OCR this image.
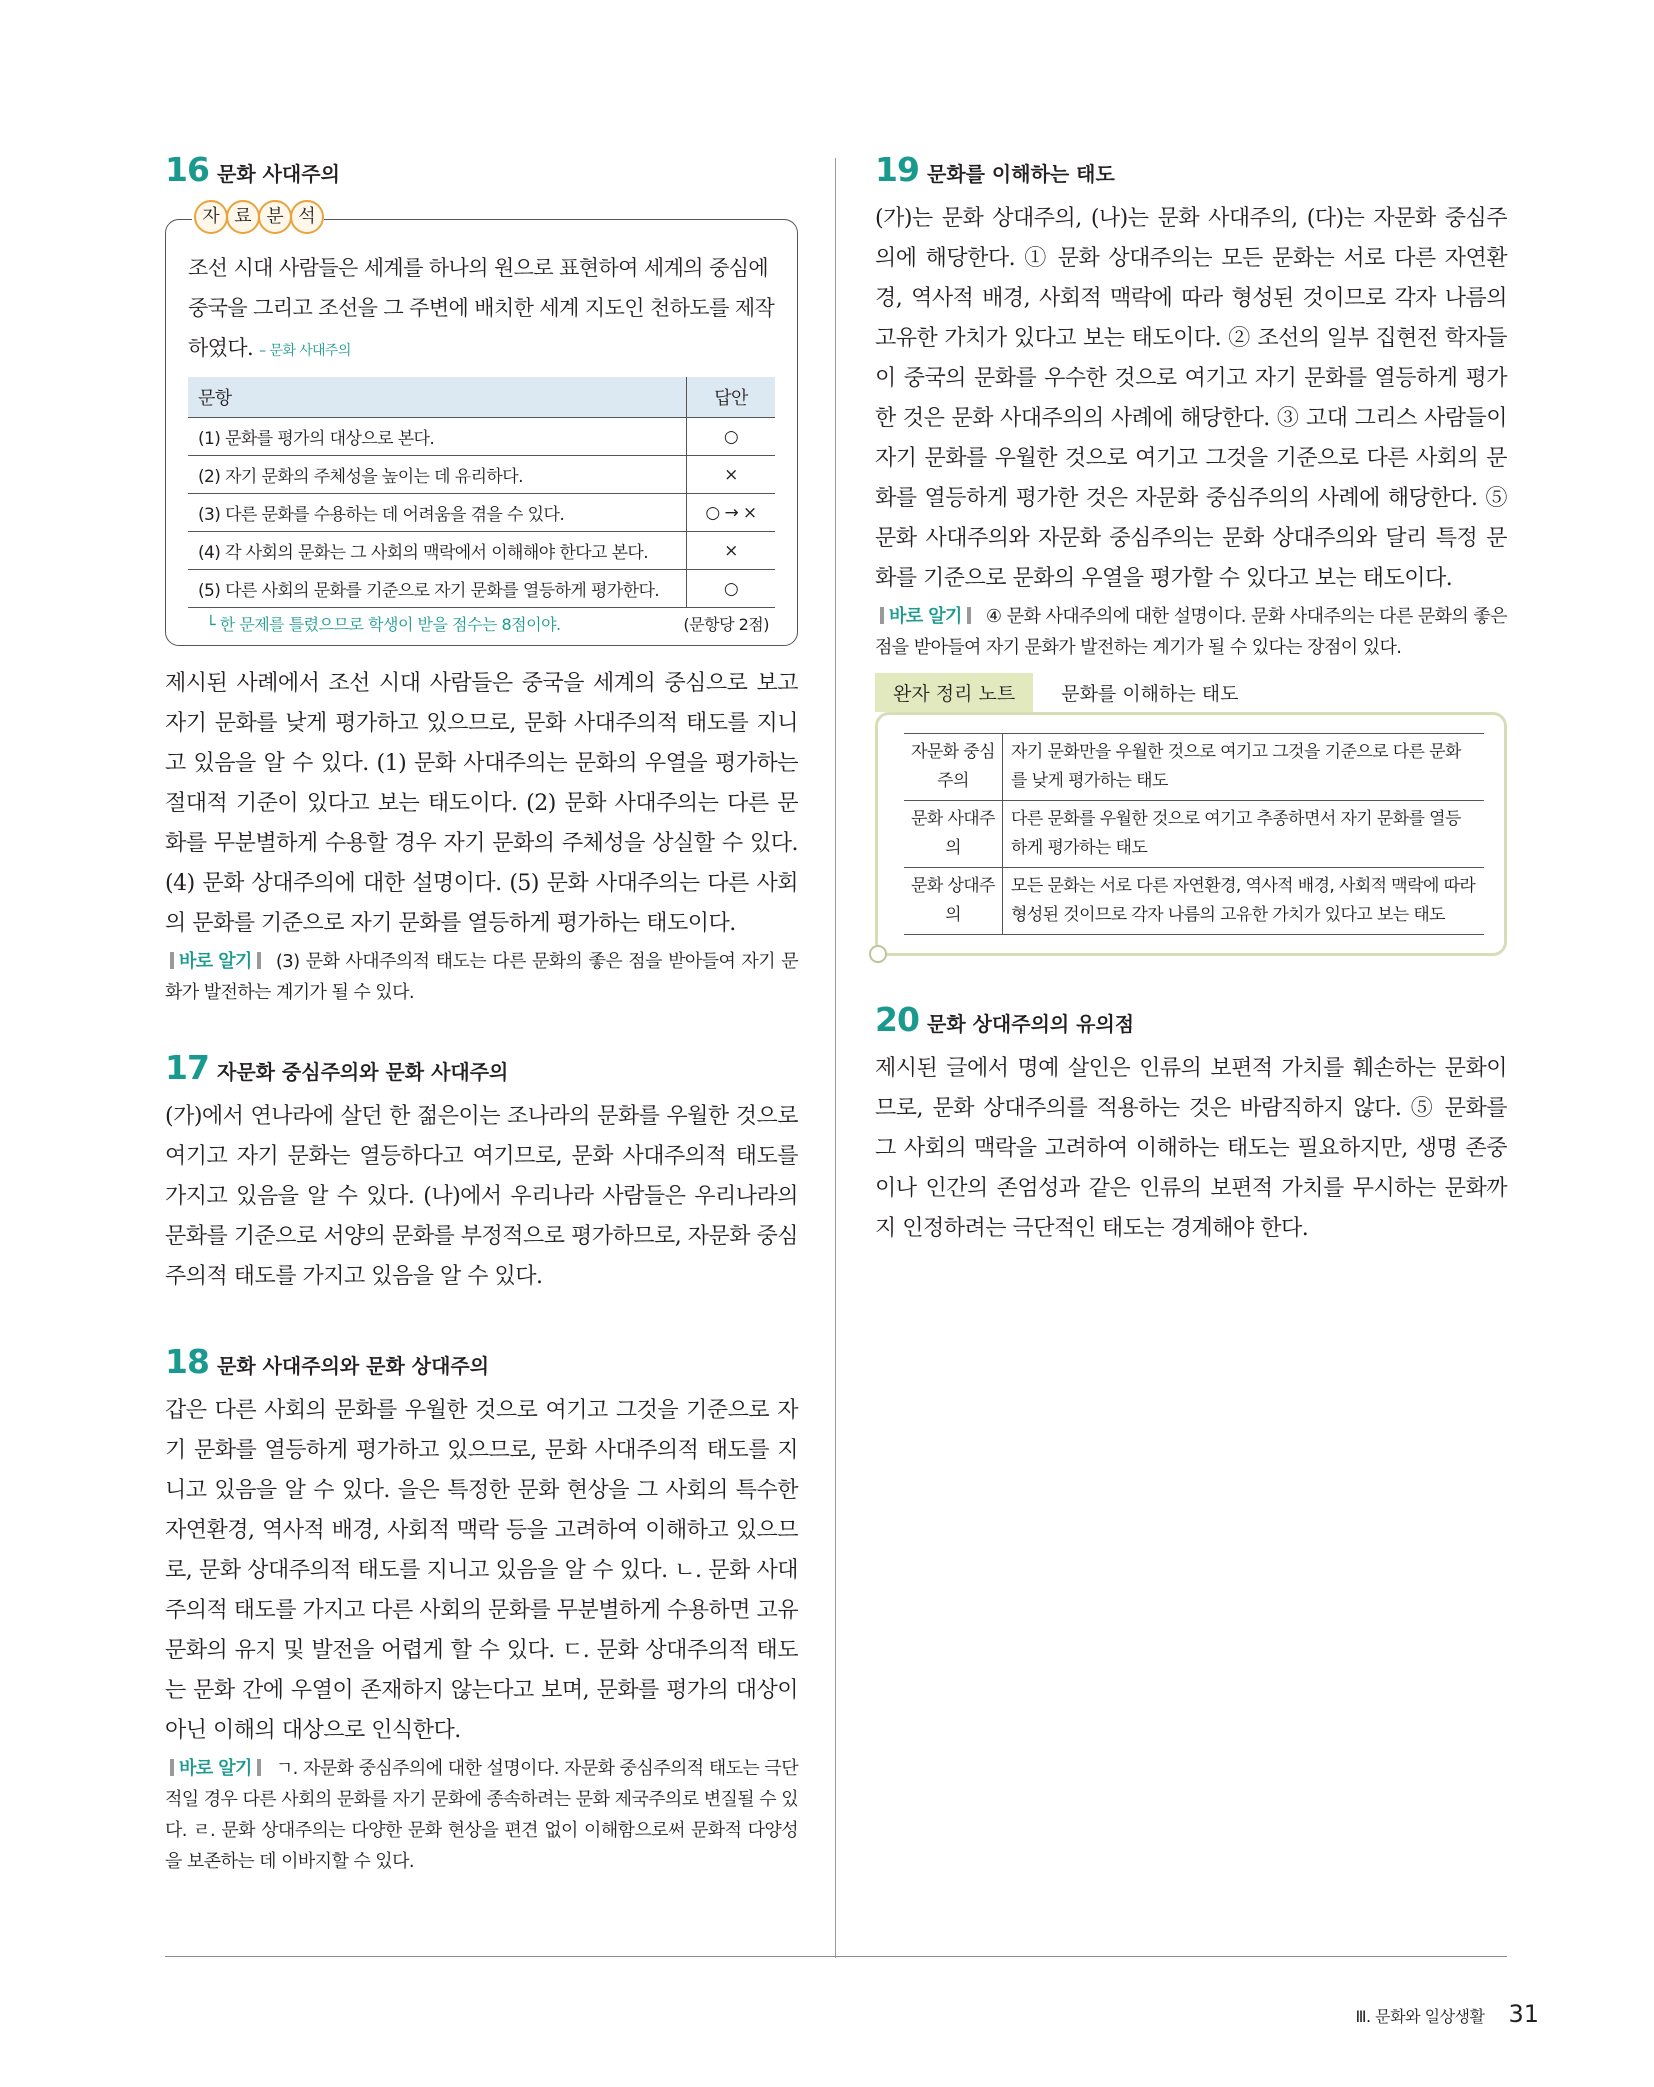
16 문화 사대주의
자 료 분 석

조선 시대 사람들은 세계를 하나의 원으로 표현하여 세계의 중심에 중국을 그리고 조선을 그 주변에 배치한 세계 지도인 천하도를 제작하였다. – 문화 사대주의

문항	답안
(1) 문화를 평가의 대상으로 본다.	○
(2) 자기 문화의 주체성을 높이는 데 유리하다.	×
(3) 다른 문화를 수용하는 데 어려움을 겪을 수 있다.	○ → ×
(4) 각 사회의 문화는 그 사회의 맥락에서 이해해야 한다고 본다.	×
(5) 다른 사회의 문화를 기준으로 자기 문화를 열등하게 평가한다.	○
└ 한 문제를 틀렸으므로 학생이 받을 점수는 8점이야.	(문항당 2점)

제시된 사례에서 조선 시대 사람들은 중국을 세계의 중심으로 보고 자기 문화를 낮게 평가하고 있으므로, 문화 사대주의적 태도를 지니고 있음을 알 수 있다. (1) 문화 사대주의는 문화의 우열을 평가하는 절대적 기준이 있다고 보는 태도이다. (2) 문화 사대주의는 다른 문화를 무분별하게 수용할 경우 자기 문화의 주체성을 상실할 수 있다. (4) 문화 상대주의에 대한 설명이다. (5) 문화 사대주의는 다른 사회의 문화를 기준으로 자기 문화를 열등하게 평가하는 태도이다.

바로 알기 (3) 문화 사대주의적 태도는 다른 문화의 좋은 점을 받아들여 자기 문화가 발전하는 계기가 될 수 있다.

17 자문화 중심주의와 문화 사대주의

(가)에서 연나라에 살던 한 젊은이는 조나라의 문화를 우월한 것으로 여기고 자기 문화는 열등하다고 여기므로, 문화 사대주의적 태도를 가지고 있음을 알 수 있다. (나)에서 우리나라 사람들은 우리나라의 문화를 기준으로 서양의 문화를 부정적으로 평가하므로, 자문화 중심주의적 태도를 가지고 있음을 알 수 있다.

18 문화 사대주의와 문화 상대주의

갑은 다른 사회의 문화를 우월한 것으로 여기고 그것을 기준으로 자기 문화를 열등하게 평가하고 있으므로, 문화 사대주의적 태도를 지니고 있음을 알 수 있다. 을은 특정한 문화 현상을 그 사회의 특수한 자연환경, 역사적 배경, 사회적 맥락 등을 고려하여 이해하고 있으므로, 문화 상대주의적 태도를 지니고 있음을 알 수 있다. ㄴ. 문화 사대주의적 태도를 가지고 다른 사회의 문화를 무분별하게 수용하면 고유문화의 유지 및 발전을 어렵게 할 수 있다. ㄷ. 문화 상대주의적 태도는 문화 간에 우열이 존재하지 않는다고 보며, 문화를 평가의 대상이 아닌 이해의 대상으로 인식한다.

바로 알기 ㄱ. 자문화 중심주의에 대한 설명이다. 자문화 중심주의적 태도는 극단적일 경우 다른 사회의 문화를 자기 문화에 종속하려는 문화 제국주의로 변질될 수 있다. ㄹ. 문화 상대주의는 다양한 문화 현상을 편견 없이 이해함으로써 문화적 다양성을 보존하는 데 이바지할 수 있다.

19 문화를 이해하는 태도

(가)는 문화 상대주의, (나)는 문화 사대주의, (다)는 자문화 중심주의에 해당한다. ① 문화 상대주의는 모든 문화는 서로 다른 자연환경, 역사적 배경, 사회적 맥락에 따라 형성된 것이므로 각자 나름의 고유한 가치가 있다고 보는 태도이다. ② 조선의 일부 집현전 학자들이 중국의 문화를 우수한 것으로 여기고 자기 문화를 열등하게 평가한 것은 문화 사대주의의 사례에 해당한다. ③ 고대 그리스 사람들이 자기 문화를 우월한 것으로 여기고 그것을 기준으로 다른 사회의 문화를 열등하게 평가한 것은 자문화 중심주의의 사례에 해당한다. ⑤ 문화 사대주의와 자문화 중심주의는 문화 상대주의와 달리 특정 문화를 기준으로 문화의 우열을 평가할 수 있다고 보는 태도이다.

바로 알기 ④ 문화 사대주의에 대한 설명이다. 문화 사대주의는 다른 문화의 좋은 점을 받아들여 자기 문화가 발전하는 계기가 될 수 있다는 장점이 있다.

완자 정리 노트	문화를 이해하는 태도
자문화 중심주의	자기 문화만을 우월한 것으로 여기고 그것을 기준으로 다른 문화를 낮게 평가하는 태도
문화 사대주의	다른 문화를 우월한 것으로 여기고 추종하면서 자기 문화를 열등하게 평가하는 태도
문화 상대주의	모든 문화는 서로 다른 자연환경, 역사적 배경, 사회적 맥락에 따라 형성된 것이므로 각자 나름의 고유한 가치가 있다고 보는 태도
20 문화 상대주의의 유의점

제시된 글에서 명예 살인은 인류의 보편적 가치를 훼손하는 문화이므로, 문화 상대주의를 적용하는 것은 바람직하지 않다. ⑤ 문화를 그 사회의 맥락을 고려하여 이해하는 태도는 필요하지만, 생명 존중이나 인간의 존엄성과 같은 인류의 보편적 가치를 무시하는 문화까지 인정하려는 극단적인 태도는 경계해야 한다.

Ⅲ. 문화와 일상생활 31
